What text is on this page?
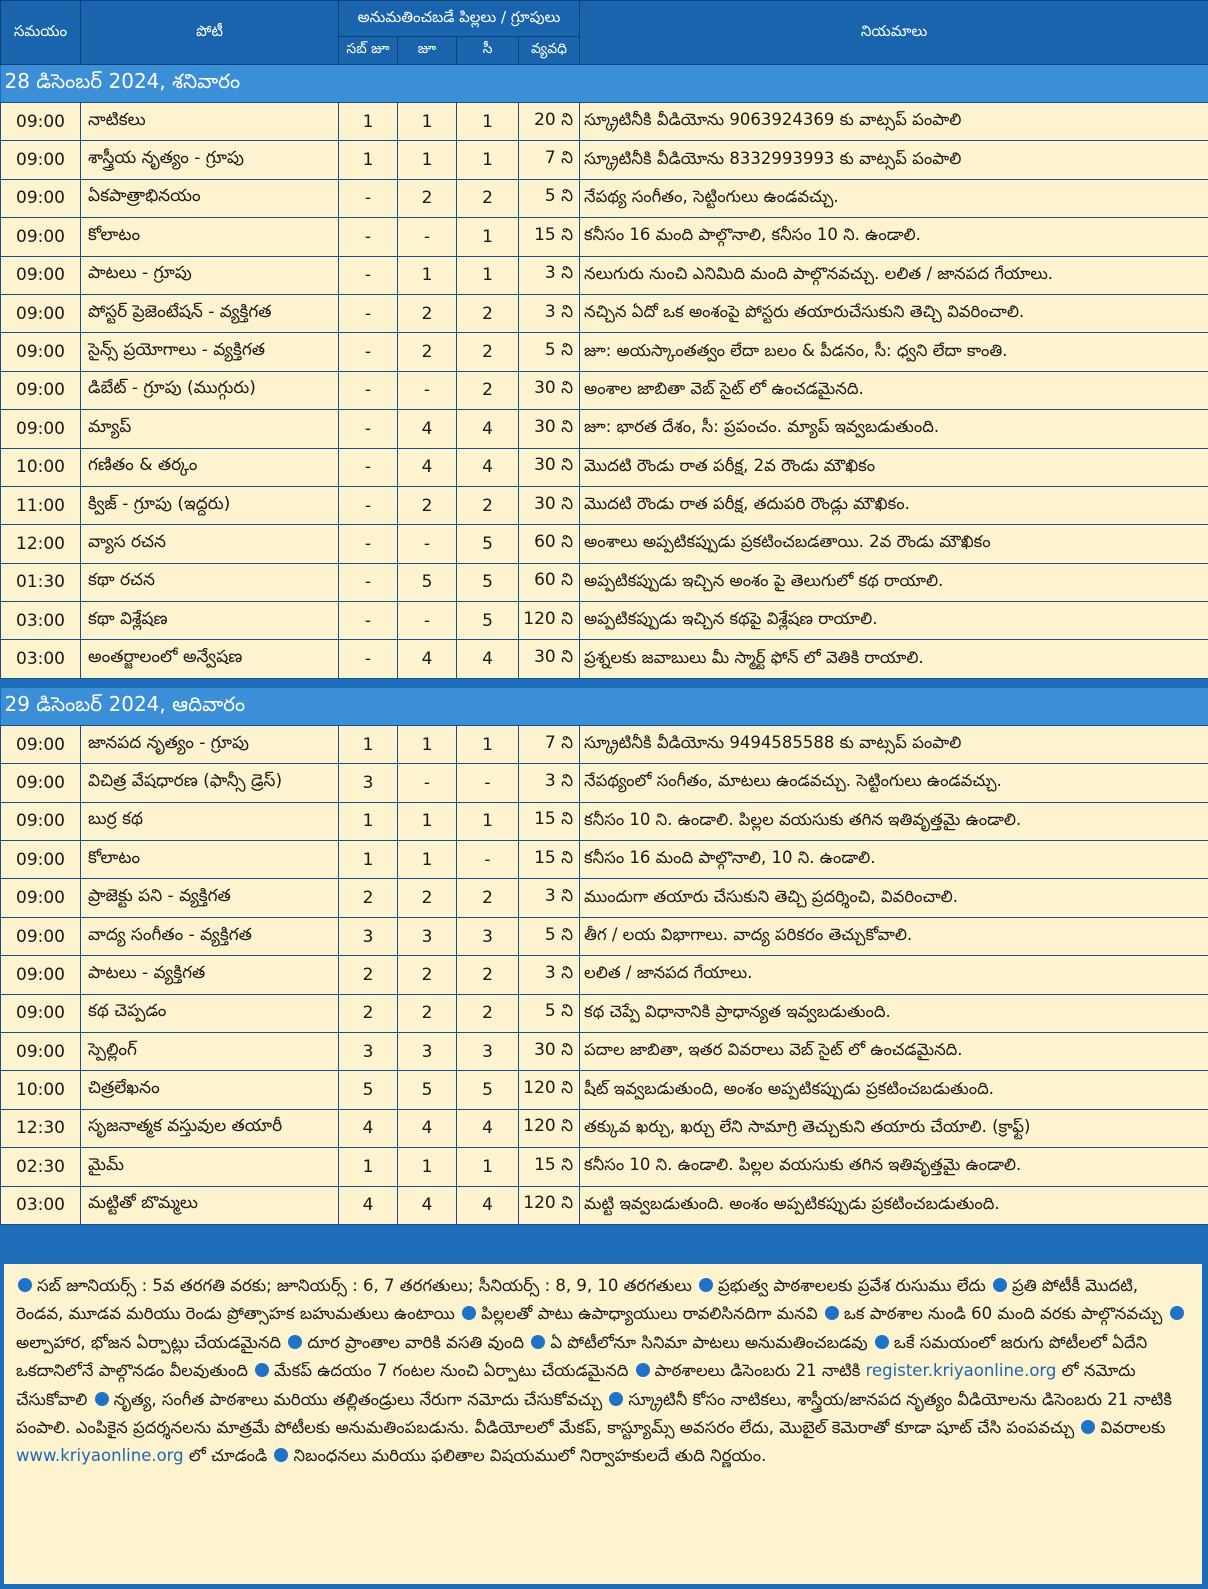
సమయం	పోటీ	అనుమతించబడే పిల్లలు / గ్రూపులు				నియమాలు
		సబ్ జూ	జూ	సీ	వ్యవధి	
28 డిసెంబర్ 2024, శనివారం						
09:00	నాటికలు	1	1	1	20 ని	స్క్రూటినీకి వీడియోను 9063924369 కు వాట్సప్ పంపాలి
09:00	శాస్త్రీయ నృత్యం - గ్రూపు	1	1	1	7 ని	స్క్రూటినీకి వీడియోను 8332993993 కు వాట్సప్ పంపాలి
09:00	ఏకపాత్రాభినయం	-	2	2	5 ని	నేపథ్య సంగీతం, సెట్టింగులు ఉండవచ్చు.
09:00	కోలాటం	-	-	1	15 ని	కనీసం 16 మంది పాల్గొనాలి, కనీసం 10 ని. ఉండాలి.
09:00	పాటలు - గ్రూపు	-	1	1	3 ని	నలుగురు నుంచి ఎనిమిది మంది పాల్గొనవచ్చు. లలిత / జానపద గేయాలు.
09:00	పోస్టర్ ప్రెజెంటేషన్ - వ్యక్తిగత	-	2	2	3 ని	నచ్చిన ఏదో ఒక అంశంపై పోస్టరు తయారుచేసుకుని తెచ్చి వివరించాలి.
09:00	సైన్స్ ప్రయోగాలు - వ్యక్తిగత	-	2	2	5 ని	జూ: అయస్కాంతత్వం లేదా బలం & పీడనం, సీ: ధ్వని లేదా కాంతి.
09:00	డిబేట్ - గ్రూపు (ముగ్గురు)	-	-	2	30 ని	అంశాల జాబితా వెబ్ సైట్ లో ఉంచడమైనది.
09:00	మ్యాప్	-	4	4	30 ని	జూ: భారత దేశం, సీ: ప్రపంచం. మ్యాప్ ఇవ్వబడుతుంది.
10:00	గణితం & తర్కం	-	4	4	30 ని	మొదటి రౌండు రాత పరీక్ష, 2వ రౌండు మౌఖికం
11:00	క్విజ్ - గ్రూపు (ఇద్దరు)	-	2	2	30 ని	మొదటి రౌండు రాత పరీక్ష, తదుపరి రౌండ్లు మౌఖికం.
12:00	వ్యాస రచన	-	-	5	60 ని	అంశాలు అప్పటికప్పుడు ప్రకటించబడతాయి. 2వ రౌండు మౌఖికం
01:30	కథా రచన	-	5	5	60 ని	అప్పటికప్పుడు ఇచ్చిన అంశం పై తెలుగులో కథ రాయాలి.
03:00	కథా విశ్లేషణ	-	-	5	120 ని	అప్పటికప్పుడు ఇచ్చిన కథపై విశ్లేషణ రాయాలి.
03:00	అంతర్జాలంలో అన్వేషణ	-	4	4	30 ని	ప్రశ్నలకు జవాబులు మీ స్మార్ట్ ఫోన్ లో వెతికి రాయాలి.

29 డిసెంబర్ 2024, ఆదివారం						
09:00	జానపద నృత్యం - గ్రూపు	1	1	1	7 ని	స్క్రూటినీకి వీడియోను 9494585588 కు వాట్సప్ పంపాలి
09:00	విచిత్ర వేషధారణ (ఫాన్సీ డ్రెస్)	3	-	-	3 ని	నేపథ్యంలో సంగీతం, మాటలు ఉండవచ్చు. సెట్టింగులు ఉండవచ్చు.
09:00	బుర్ర కథ	1	1	1	15 ని	కనీసం 10 ని. ఉండాలి. పిల్లల వయసుకు తగిన ఇతివృత్తమై ఉండాలి.
09:00	కోలాటం	1	1	-	15 ని	కనీసం 16 మంది పాల్గొనాలి, 10 ని. ఉండాలి.
09:00	ప్రాజెక్టు పని - వ్యక్తిగత	2	2	2	3 ని	ముందుగా తయారు చేసుకుని తెచ్చి ప్రదర్శించి, వివరించాలి.
09:00	వాద్య సంగీతం - వ్యక్తిగత	3	3	3	5 ని	తీగ / లయ విభాగాలు. వాద్య పరికరం తెచ్చుకోవాలి.
09:00	పాటలు - వ్యక్తిగత	2	2	2	3 ని	లలిత / జానపద గేయాలు.
09:00	కథ చెప్పడం	2	2	2	5 ని	కథ చెప్పే విధానానికి ప్రాధాన్యత ఇవ్వబడుతుంది.
09:00	స్పెల్లింగ్	3	3	3	30 ని	పదాల జాబితా, ఇతర వివరాలు వెబ్ సైట్ లో ఉంచడమైనది.
10:00	చిత్రలేఖనం	5	5	5	120 ని	షీట్ ఇవ్వబడుతుంది, అంశం అప్పటికప్పుడు ప్రకటించబడుతుంది.
12:30	సృజనాత్మక వస్తువుల తయారీ	4	4	4	120 ని	తక్కువ ఖర్చు, ఖర్చు లేని సామాగ్రి తెచ్చుకుని తయారు చేయాలి. (క్రాఫ్ట్)
02:30	మైమ్	1	1	1	15 ని	కనీసం 10 ని. ఉండాలి. పిల్లల వయసుకు తగిన ఇతివృత్తమై ఉండాలి.
03:00	మట్టితో బొమ్మలు	4	4	4	120 ని	మట్టి ఇవ్వబడుతుంది. అంశం అప్పటికప్పుడు ప్రకటించబడుతుంది.
సబ్ జూనియర్స్ : 5వ తరగతి వరకు; జూనియర్స్ : 6, 7 తరగతులు; సీనియర్స్ : 8, 9, 10 తరగతులు ప్రభుత్వ పాఠశాలలకు ప్రవేశ రుసుము లేదు ప్రతి పోటీకీ మొదటి, రెండవ, మూడవ మరియు రెండు ప్రోత్సాహక బహుమతులు ఉంటాయి పిల్లలతో పాటు ఉపాధ్యాయులు రావలిసినదిగా మనవి ఒక పాఠశాల నుండి 60 మంది వరకు పాల్గొనవచ్చు అల్పాహార, భోజన ఏర్పాట్లు చేయడమైనది దూర ప్రాంతాల వారికి వసతి వుంది ఏ పోటీలోనూ సినిమా పాటలు అనుమతించబడవు ఒకే సమయంలో జరుగు పోటీలలో ఏదేని ఒకదానిలోనే పాల్గొనడం వీలవుతుంది మేకప్ ఉదయం 7 గంటల నుంచి ఏర్పాటు చేయడమైనది పాఠశాలలు డిసెంబరు 21 నాటికి register.kriyaonline.org లో నమోదు చేసుకోవాలి నృత్య, సంగీత పాఠశాలు మరియు తల్లితండ్రులు నేరుగా నమోదు చేసుకోవచ్చు స్క్రూటినీ కోసం నాటికలు, శాస్త్రీయ/జానపద నృత్యం వీడియోలను డిసెంబరు 21 నాటికి పంపాలి. ఎంపికైన ప్రదర్శనలను మాత్రమే పోటీలకు అనుమతింపబడును. వీడియోలలో మేకప్, కాస్ట్యూమ్స్ అవసరం లేదు, మొబైల్ కెమెరాతో కూడా షూట్ చేసి పంపవచ్చు వివరాలకు www.kriyaonline.org లో చూడండి నిబంధనలు మరియు ఫలితాల విషయములో నిర్వాహకులదే తుది నిర్ణయం.
